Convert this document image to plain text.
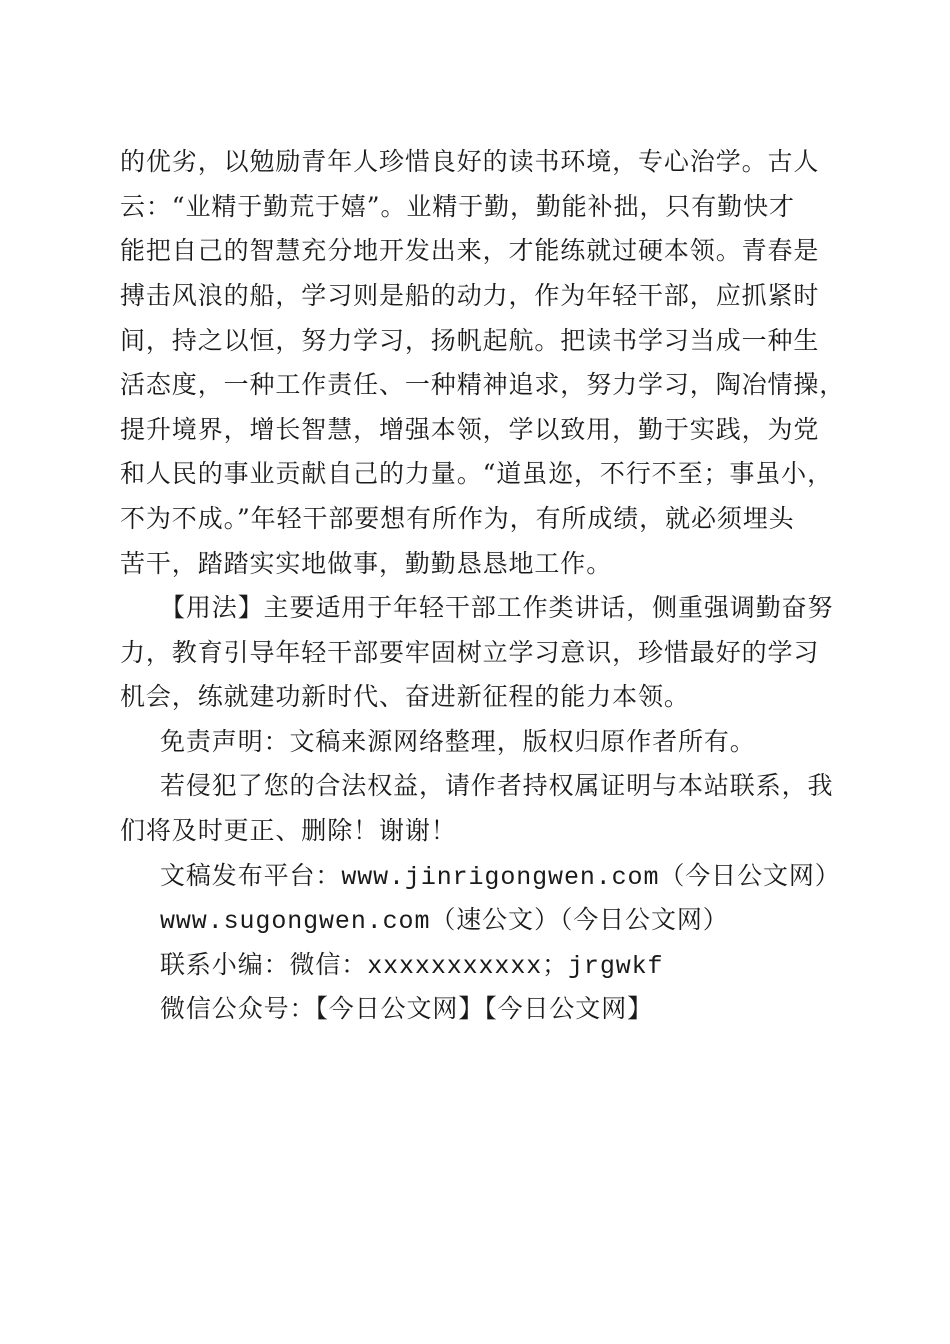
的优劣，以勉励青年人珍惜良好的读书环境，专心治学。古人
云：“业精于勤荒于嬉”。业精于勤，勤能补拙，只有勤快才
能把自己的智慧充分地开发出来，才能练就过硬本领。青春是
搏击风浪的船，学习则是船的动力，作为年轻干部，应抓紧时
间，持之以恒，努力学习，扬帆起航。把读书学习当成一种生
活态度，一种工作责任、一种精神追求，努力学习，陶冶情操，
提升境界，增长智慧，增强本领，学以致用，勤于实践，为党
和人民的事业贡献自己的力量。“道虽迩，不行不至；事虽小，
不为不成。”年轻干部要想有所作为，有所成绩，就必须埋头
苦干，踏踏实实地做事，勤勤恳恳地工作。
【用法】主要适用于年轻干部工作类讲话，侧重强调勤奋努
力，教育引导年轻干部要牢固树立学习意识，珍惜最好的学习
机会，练就建功新时代、奋进新征程的能力本领。
免责声明：文稿来源网络整理，版权归原作者所有。
若侵犯了您的合法权益，请作者持权属证明与本站联系，我
们将及时更正、删除！谢谢！
文稿发布平台：www.jinrigongwen.com（今日公文网）
www.sugongwen.com（速公文）（今日公文网）
联系小编：微信：xxxxxxxxxxx；jrgwkf
微信公众号：【今日公文网】【今日公文网】
